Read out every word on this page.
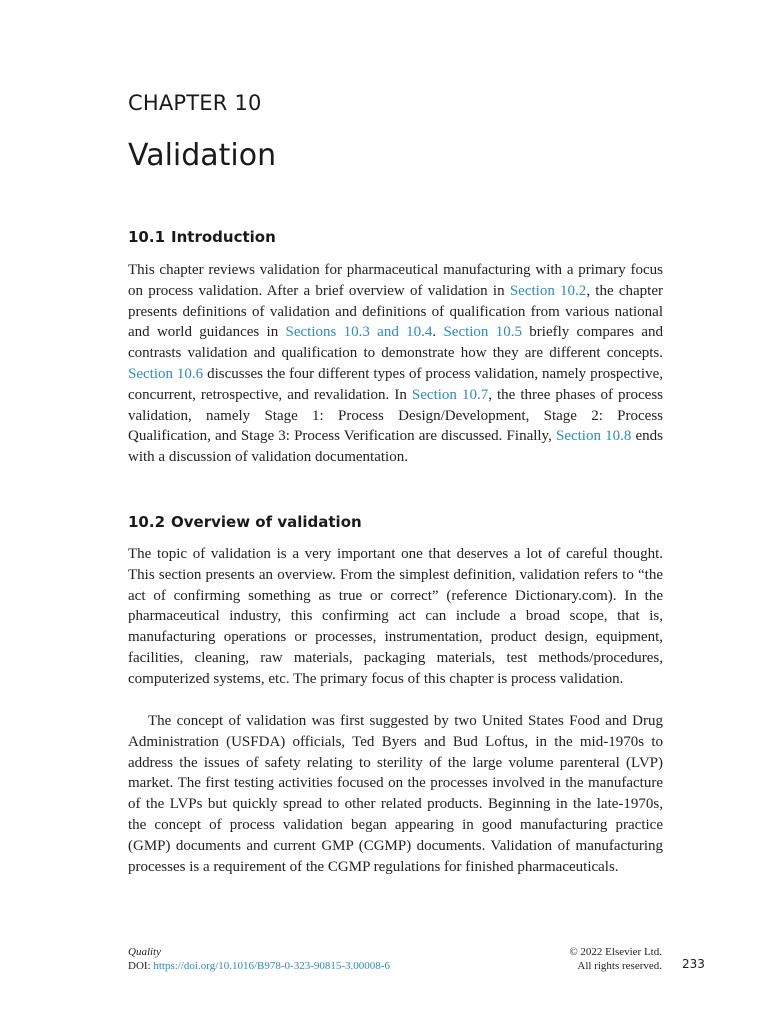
CHAPTER 10
Validation
10.1 Introduction

This chapter reviews validation for pharmaceutical manufacturing with a primary focus on process validation. After a brief overview of validation in Section 10.2, the chapter presents definitions of validation and definitions of qualification from various national and world guidances in Sections 10.3 and 10.4. Section 10.5 briefly compares and contrasts validation and qualification to demonstrate how they are different concepts. Section 10.6 discusses the four different types of process validation, namely prospective, concurrent, retrospective, and revalidation. In Section 10.7, the three phases of process validation, namely Stage 1: Process Design/Development, Stage 2: Process Qualification, and Stage 3: Process Verification are discussed. Finally, Section 10.8 ends with a discussion of validation documentation.

10.2 Overview of validation

The topic of validation is a very important one that deserves a lot of careful thought. This section presents an overview. From the simplest definition, validation refers to “the act of confirming something as true or correct” (reference Dictionary.com). In the pharmaceutical industry, this confirming act can include a broad scope, that is, manufacturing operations or processes, instrumentation, product design, equipment, facilities, cleaning, raw materials, packaging materials, test methods/procedures, computerized systems, etc. The primary focus of this chapter is process validation.

The concept of validation was first suggested by two United States Food and Drug Administration (USFDA) officials, Ted Byers and Bud Loftus, in the mid-1970s to address the issues of safety relating to sterility of the large volume parenteral (LVP) market. The first testing activities focused on the processes involved in the manufacture of the LVPs but quickly spread to other related products. Beginning in the late-1970s, the concept of process validation began appearing in good manufacturing practice (GMP) documents and current GMP (CGMP) documents. Validation of manufacturing processes is a requirement of the CGMP regulations for finished pharmaceuticals.

Quality
DOI: https://doi.org/10.1016/B978-0-323-90815-3.00008-6
© 2022 Elsevier Ltd.
All rights reserved. 233
